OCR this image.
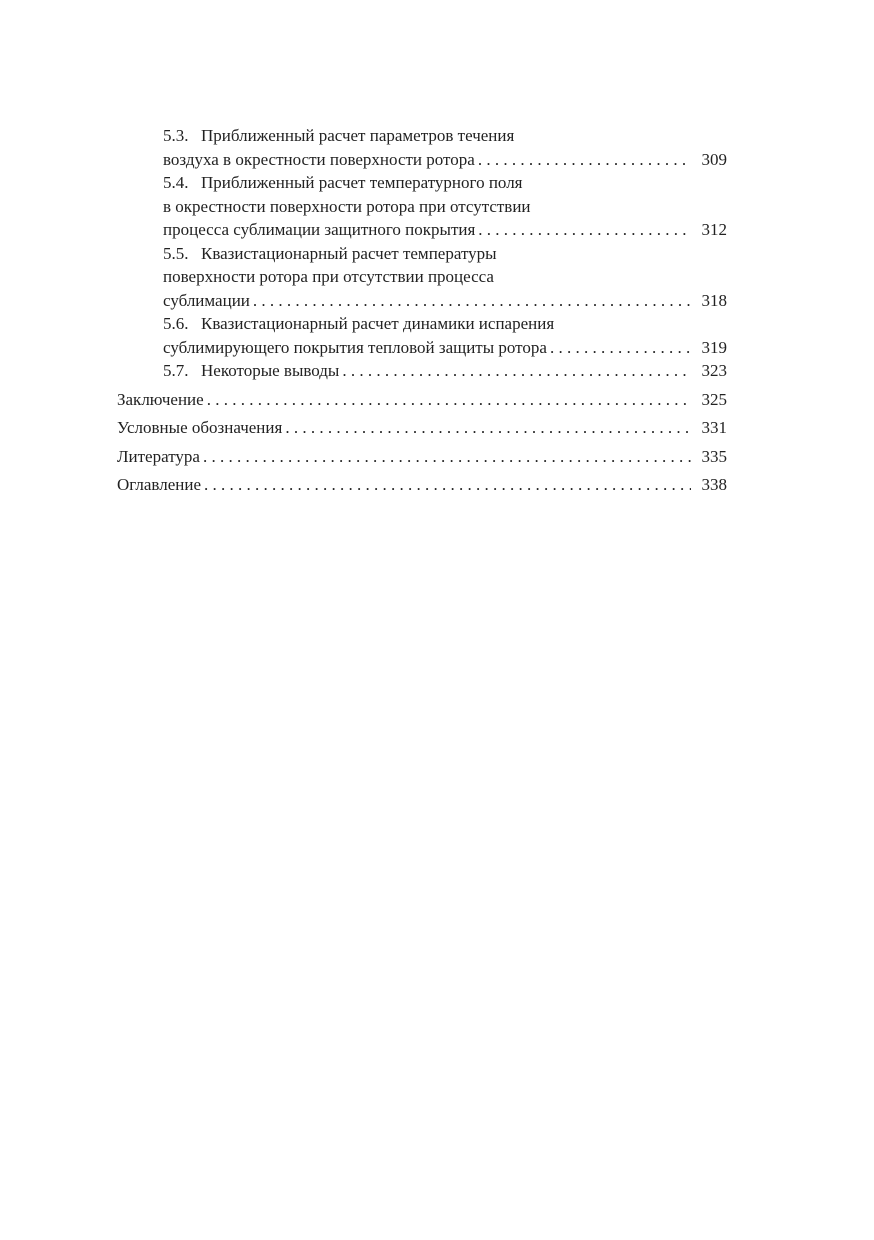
5.3. Приближенный расчет параметров течения
воздуха в окрестности поверхности ротора . . .	309
5.4. Приближенный расчет температурного поля
в окрестности поверхности ротора при отсутствии
процесса сублимации защитного покрытия . . .	312
5.5. Квазистационарный расчет температуры
поверхности ротора при отсутствии процесса
сублимации . . .	318
5.6. Квазистационарный расчет динамики испарения
сублимирующего покрытия тепловой защиты ротора . . .	319
5.7. Некоторые выводы . . .	323
Заключение . . .	325
Условные обозначения . . .	331
Литература . . .	335
Оглавление . . .	338
